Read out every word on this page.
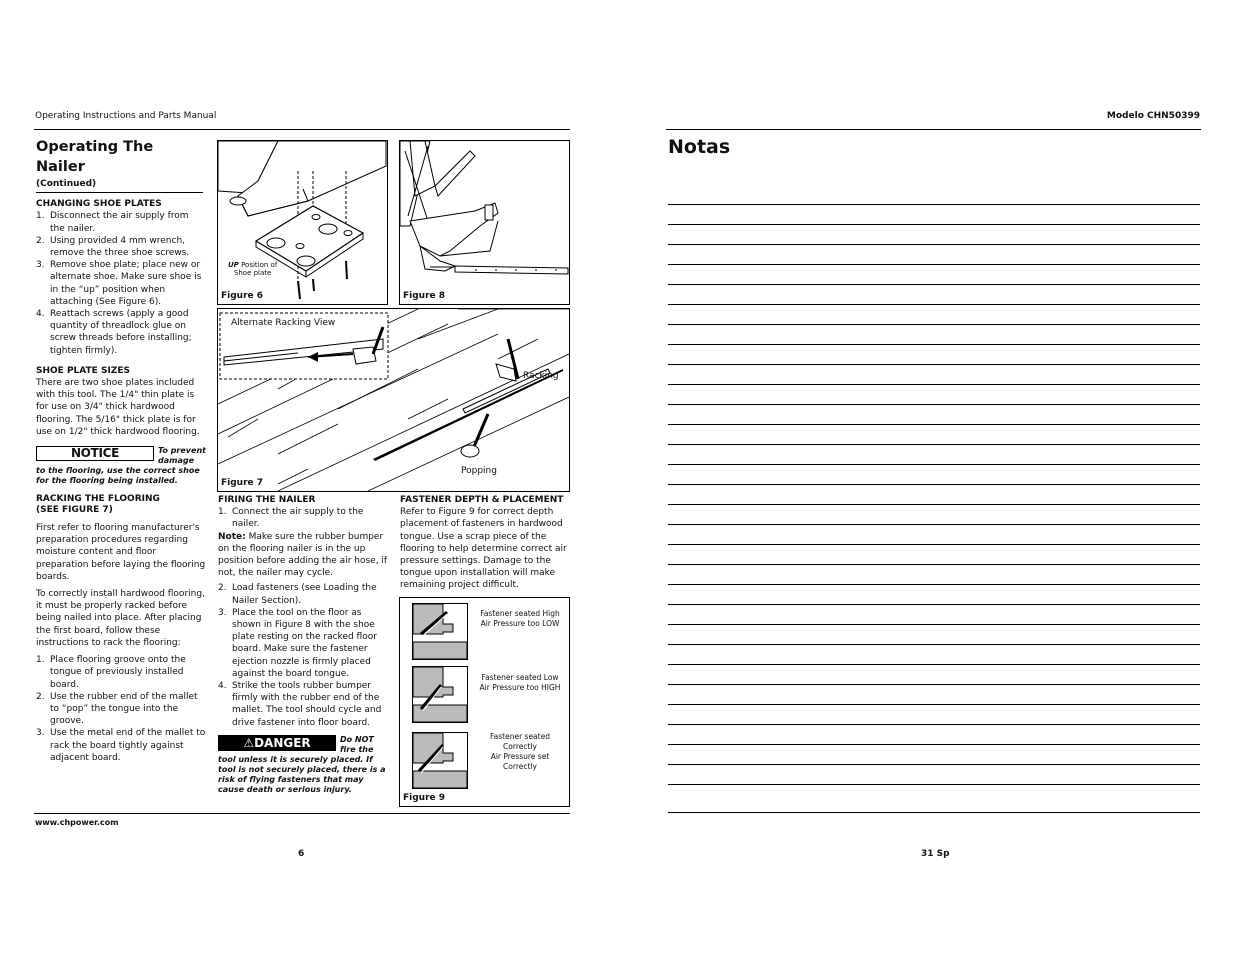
Operating Instructions and Parts Manual	Modelo CHN50399
Operating The Nailer
(Continued)
CHANGING SHOE PLATES
1. Disconnect the air supply from the nailer.
2. Using provided 4 mm wrench, remove the three shoe screws.
3. Remove shoe plate; place new or alternate shoe. Make sure shoe is in the “up” position when attaching (See Figure 6).
4. Reattach screws (apply a good quantity of threadlock glue on screw threads before installing; tighten firmly).
SHOE PLATE SIZES

There are two shoe plates included with this tool. The 1/4" thin plate is for use on 3/4" thick hardwood flooring. The 5/16" thick plate is for use on 1/2" thick hardwood flooring.

NOTICE	To prevent damage to the flooring, use the correct shoe for the flooring being installed.
RACKING THE FLOORING
(SEE FIGURE 7)

First refer to flooring manufacturer's preparation procedures regarding moisture content and floor preparation before laying the flooring boards.

To correctly install hardwood flooring, it must be properly racked before being nailed into place. After placing the first board, follow these instructions to rack the flooring:

1. Place flooring groove onto the tongue of previously installed board.
2. Use the rubber end of the mallet to “pop” the tongue into the groove.
3. Use the metal end of the mallet to rack the board tightly against adjacent board.
UP Position of
Shoe plate
Figure 6	Figure 8
Alternate Racking View
Racking
Popping
Figure 7
FIRING THE NAILER
1. Connect the air supply to the nailer.

Note: Make sure the rubber bumper on the flooring nailer is in the up position before adding the air hose, if not, the nailer may cycle.

2. Load fasteners (see Loading the Nailer Section).
3. Place the tool on the floor as shown in Figure 8 with the shoe plate resting on the racked floor board. Make sure the fastener ejection nozzle is firmly placed against the board tongue.
4. Strike the tools rubber bumper firmly with the rubber end of the mallet. The tool should cycle and drive fastener into floor board.
⚠DANGER	Do NOT fire the tool unless it is securely placed. If tool is not securely placed, there is a risk of flying fasteners that may cause death or serious injury.
FASTENER DEPTH & PLACEMENT

Refer to Figure 9 for correct depth placement of fasteners in hardwood tongue. Use a scrap piece of the flooring to help determine correct air pressure settings. Damage to the tongue upon installation will make remaining project difficult.

Fastener seated High
Air Pressure too LOW
Fastener seated Low
Air Pressure too HIGH
Fastener seated
Correctly
Air Pressure set
Correctly
Figure 9
www.chpower.com
6
Notas
31 Sp
